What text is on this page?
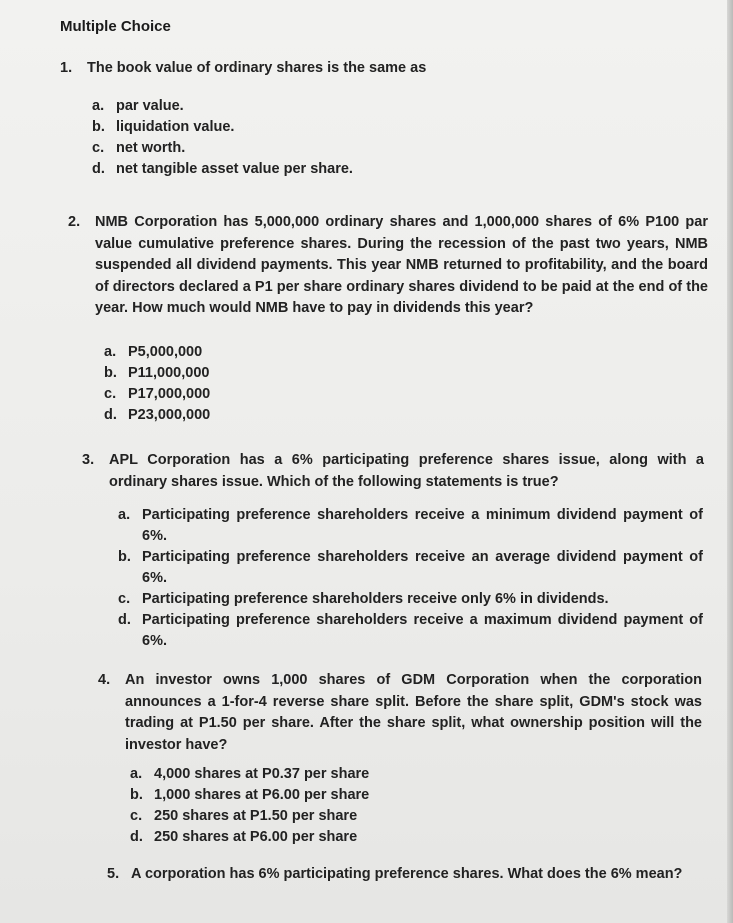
Multiple Choice
1. The book value of ordinary shares is the same as
a. par value.
b. liquidation value.
c. net worth.
d. net tangible asset value per share.
2. NMB Corporation has 5,000,000 ordinary shares and 1,000,000 shares of 6% P100 par value cumulative preference shares. During the recession of the past two years, NMB suspended all dividend payments. This year NMB returned to profitability, and the board of directors declared a P1 per share ordinary shares dividend to be paid at the end of the year. How much would NMB have to pay in dividends this year?
a. P5,000,000
b. P11,000,000
c. P17,000,000
d. P23,000,000
3. APL Corporation has a 6% participating preference shares issue, along with a ordinary shares issue. Which of the following statements is true?
a. Participating preference shareholders receive a minimum dividend payment of 6%.
b. Participating preference shareholders receive an average dividend payment of 6%.
c. Participating preference shareholders receive only 6% in dividends.
d. Participating preference shareholders receive a maximum dividend payment of 6%.
4. An investor owns 1,000 shares of GDM Corporation when the corporation announces a 1-for-4 reverse share split. Before the share split, GDM's stock was trading at P1.50 per share. After the share split, what ownership position will the investor have?
a. 4,000 shares at P0.37 per share
b. 1,000 shares at P6.00 per share
c. 250 shares at P1.50 per share
d. 250 shares at P6.00 per share
5. A corporation has 6% participating preference shares. What does the 6% mean?
